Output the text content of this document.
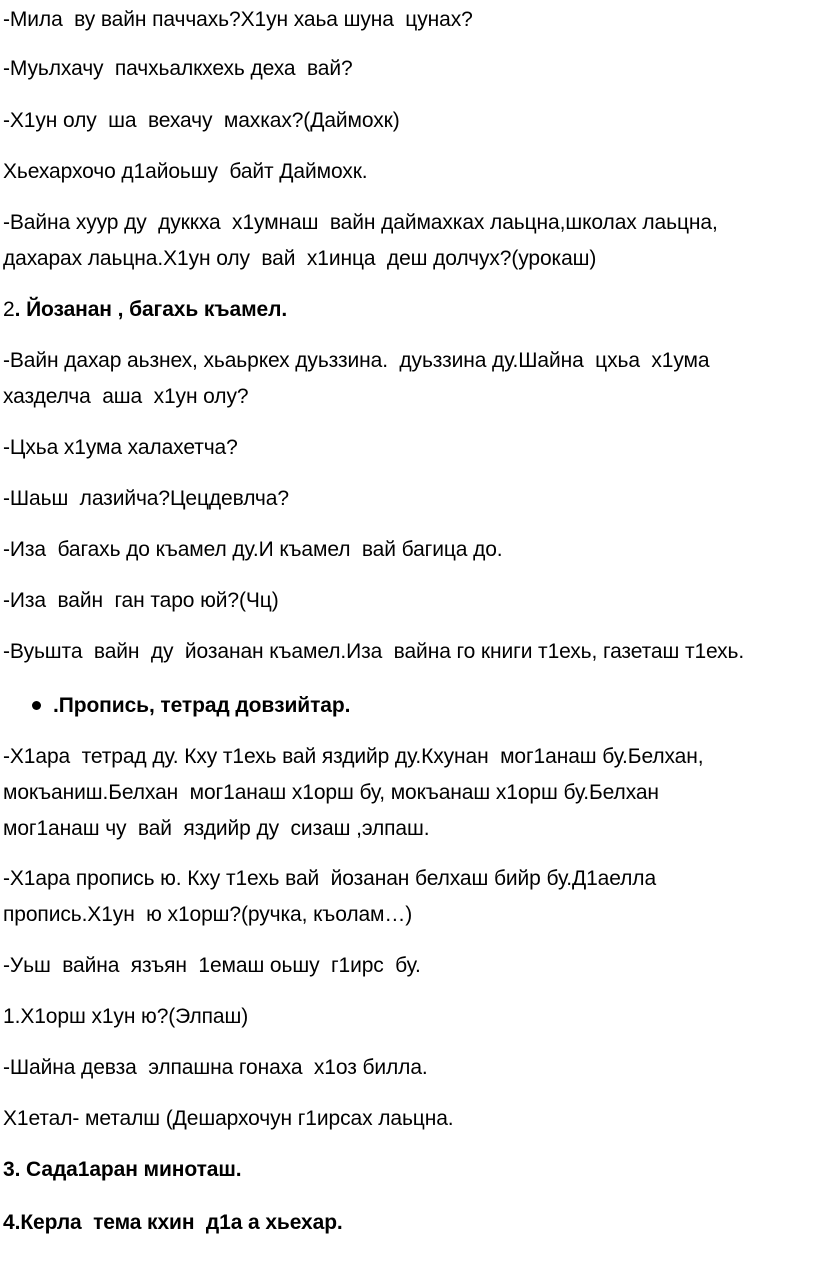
-Мила  ву вайн паччахь?Х1ун хаьа шуна  цунах?
-Муьлхачу  пачхьалкхехь деха  вай?
-Х1ун олу  ша  вехачу  махках?(Даймохк)
Хьехархочо д1айоьшу  байт Даймохк.
-Вайна хуур ду  дуккха  х1умнаш  вайн даймахках лаьцна,школах лаьцна,
дахарах лаьцна.Х1ун олу  вай  х1инца  деш долчух?(урокаш)
2. Йозанан , багахь къамел.
-Вайн дахар аьзнех, хьаьркех дуьззина.  дуьззина ду.Шайна  цхьа  х1ума
хазделча  аша  х1ун олу?
-Цхьа х1ума халахетча?
-Шаьш  лазийча?Цецдевлча?
-Иза  багахь до къамел ду.И къамел  вай багица до.
-Иза  вайн  ган таро юй?(Чц)
-Вуьшта  вайн  ду  йозанан къамел.Иза  вайна го книги т1ехь, газеташ т1ехь.
.Пропись, тетрад довзийтар.
-Х1ара  тетрад ду. Кху т1ехь вай яздийр ду.Кхунан  мог1анаш бу.Белхан,
мокъаниш.Белхан  мог1анаш х1орш бу, мокъанаш х1орш бу.Белхан
мог1анаш чу  вай  яздийр ду  сизаш ,элпаш.
-Х1ара пропись ю. Кху т1ехь вай  йозанан белхаш бийр бу.Д1аелла
пропись.Х1ун  ю х1орш?(ручка, къолам…)
-Уьш  вайна  язъян  1емаш оьшу  г1ирс  бу.
1.Х1орш х1ун ю?(Элпаш)
-Шайна девза  элпашна гонаха  х1оз билла.
Х1етал- металш (Дешархочун г1ирсах лаьцна.
3. Сада1аран миноташ.
4.Керла  тема кхин  д1а а хьехар.
